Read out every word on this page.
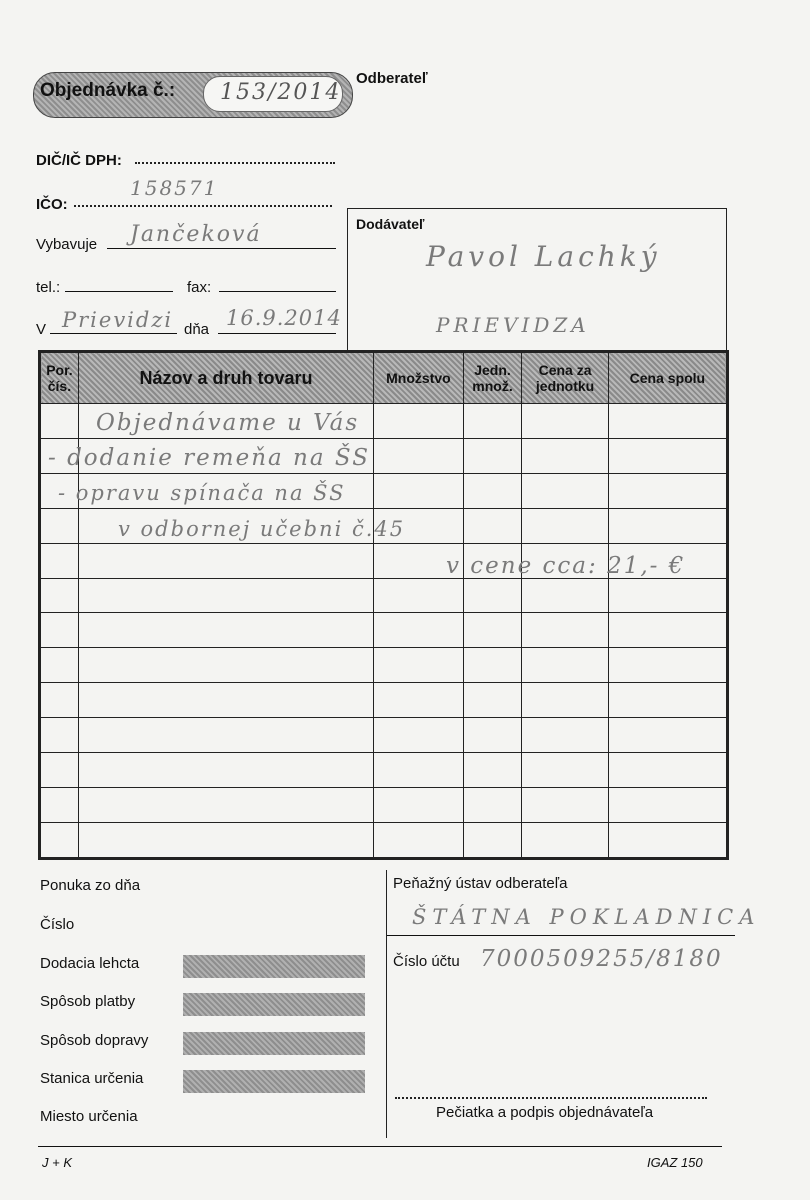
Objednávka č.: 153/2014
Odberateľ
DIČ/IČ DPH:
IČO:
158571
Vybavuje Jančeková
tel.:	fax:
V Prievidzi dňa 16.9.2014
Dodávateľ
Pavol Lachký
PRIEVIDZA
Por. čís.	Názov a druh tovaru	Množstvo	Jedn. množ.	Cena za jednotku	Cena spolu

Objednávame u Vás
- dodanie remeňa na ŠS
- opravu spínača na ŠS
v odbornej učebni č.45
v cene cca: 21,- €
Ponuka zo dňa
Číslo
Dodacia lehcta
Spôsob platby
Spôsob dopravy
Stanica určenia
Miesto určenia
Peňažný ústav odberateľa
ŠTÁTNA POKLADNICA
Číslo účtu 7000509255/8180
Pečiatka a podpis objednávateľa
J + K	IGAZ 150
